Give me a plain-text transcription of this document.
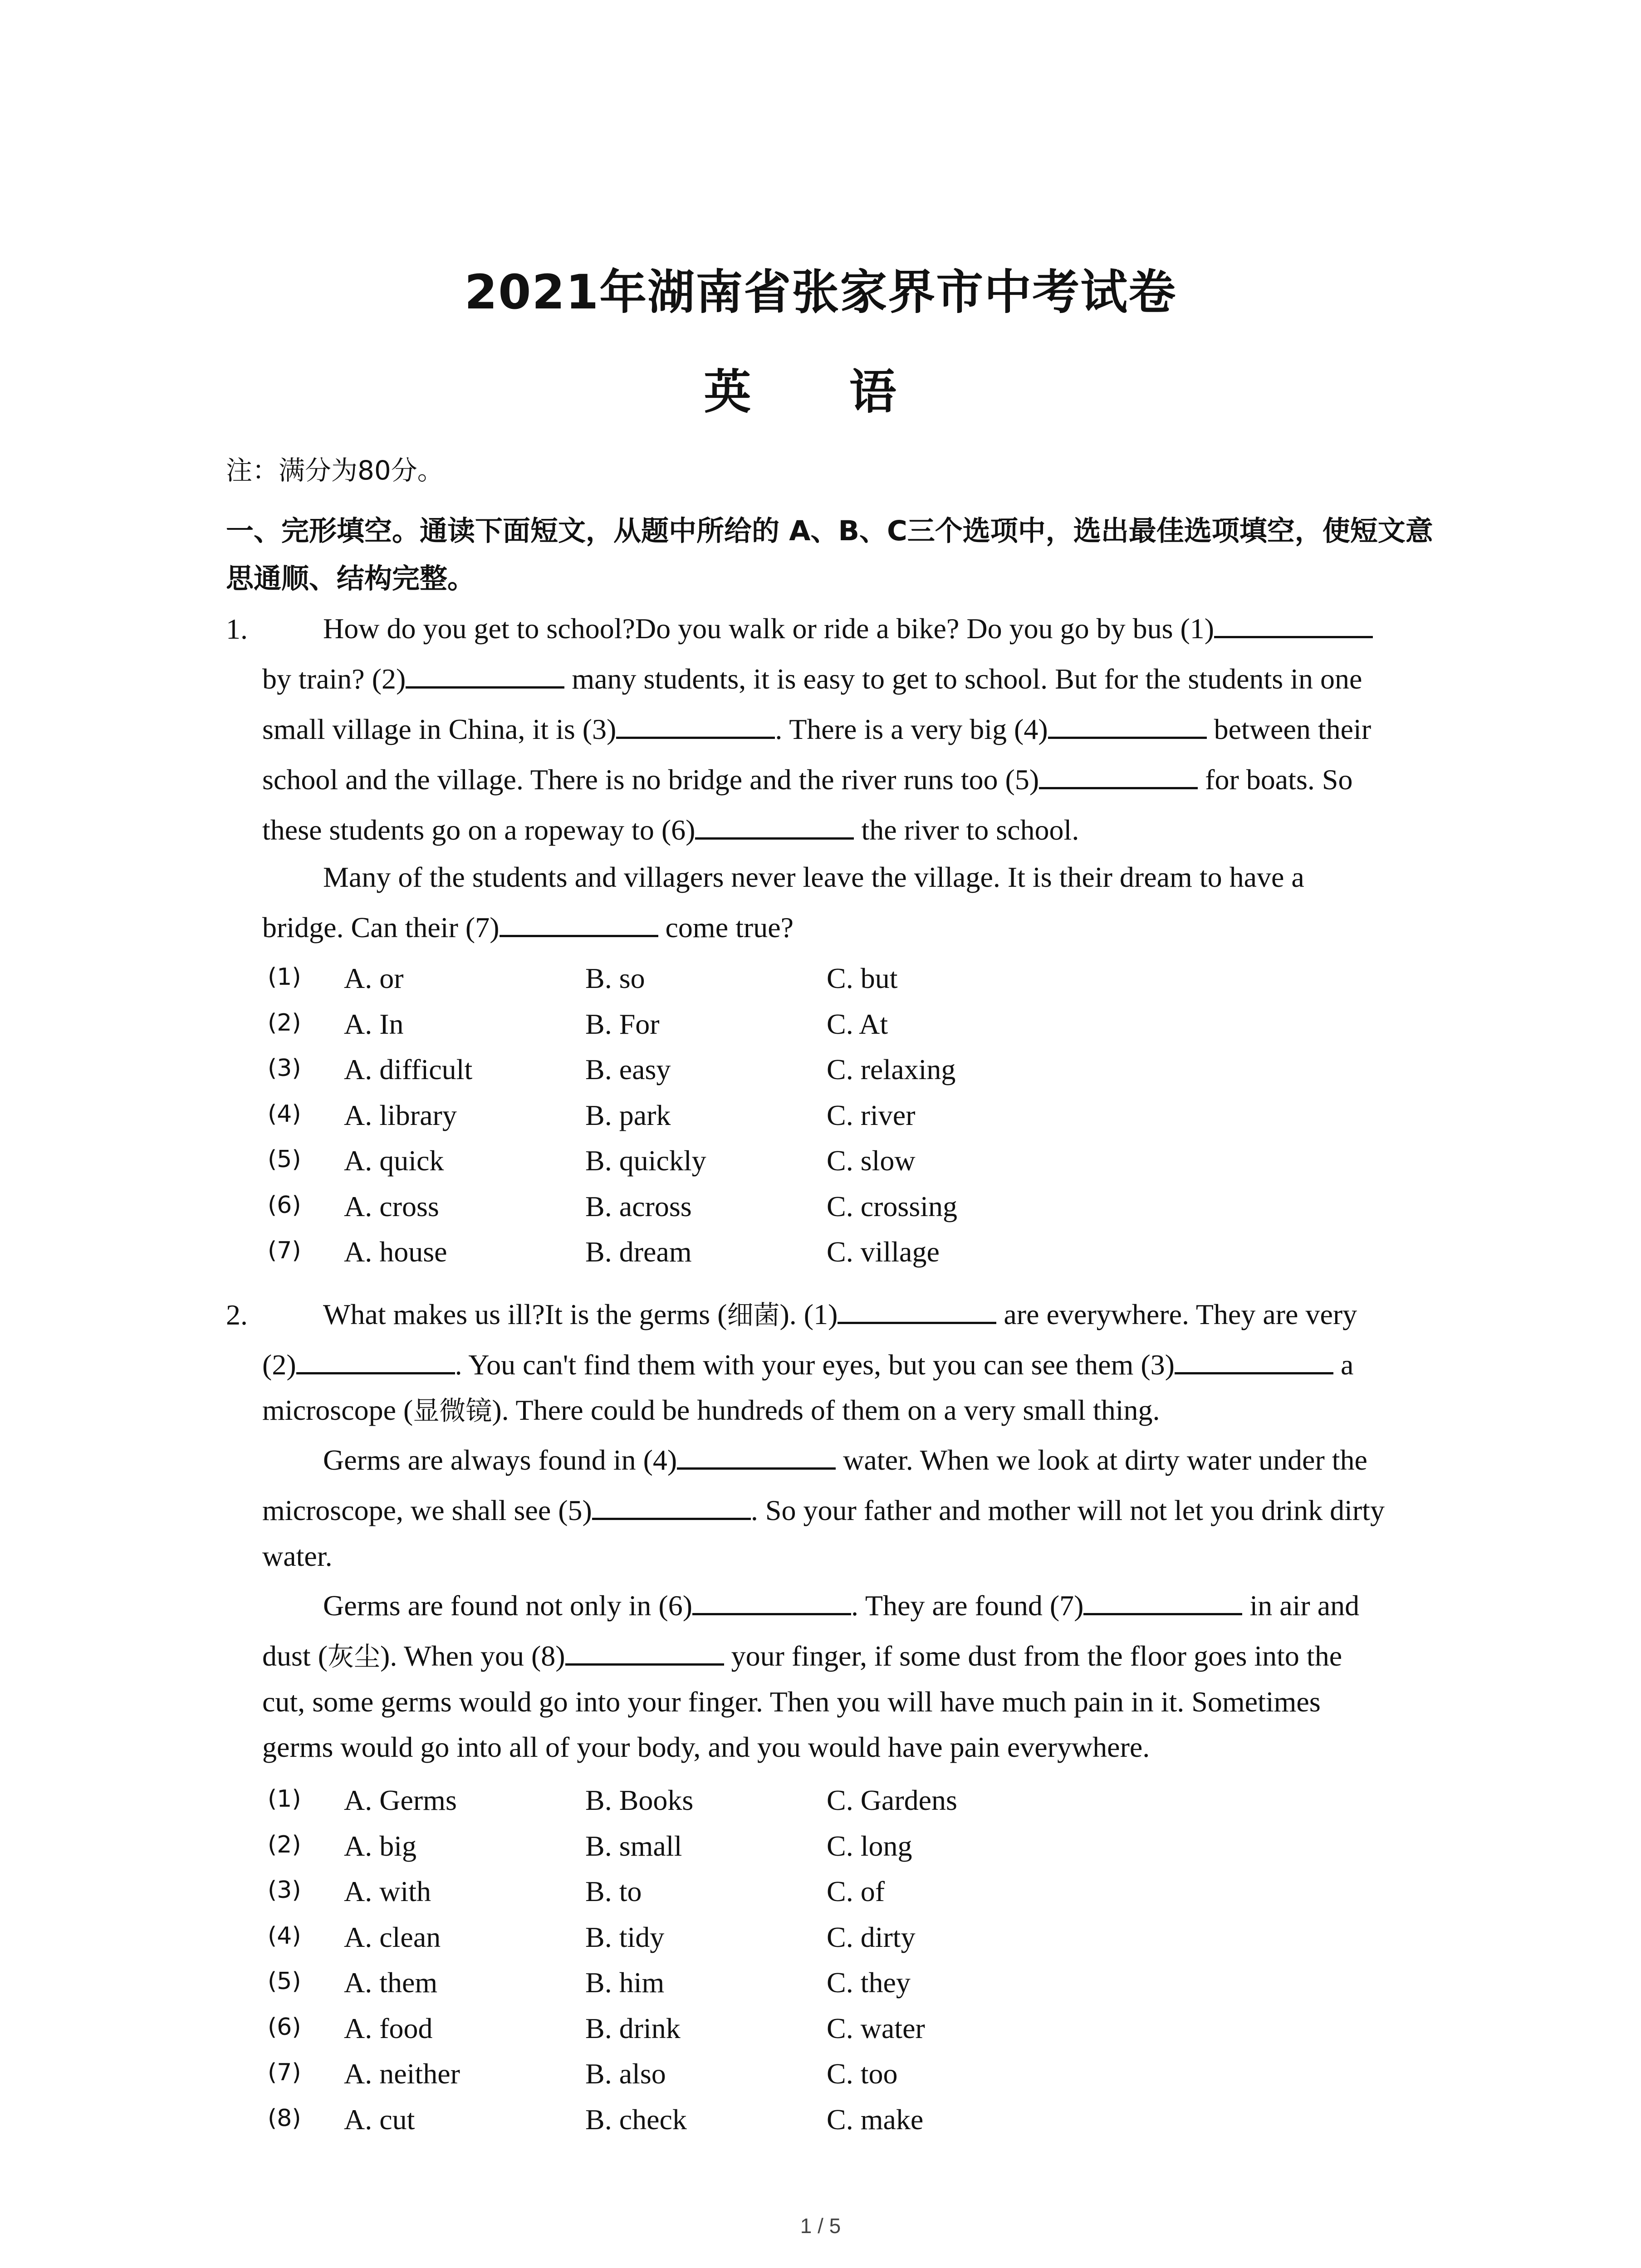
2021年湖南省张家界市中考试卷
英 语
注：满分为80分。
一、完形填空。通读下面短文，从题中所给的 A、B、C三个选项中，选出最佳选项填空，使短文意思通顺、结构完整。
1.	How do you get to school?Do you walk or ride a bike? Do you go by bus (1)
by train? (2)	many students, it is easy to get to school. But for the students in one
small village in China, it is (3)	. There is a very big (4)	between their
school and the village. There is no bridge and the river runs too (5)	for boats. So
these students go on a ropeway to (6)	the river to school.
Many of the students and villagers never leave the village. It is their dream to have a
bridge. Can their (7)	come true?
(1) A. or	B. so	C. but
(2) A. In	B. For	C. At
(3) A. difficult	B. easy	C. relaxing
(4) A. library	B. park	C. river
(5) A. quick	B. quickly	C. slow
(6) A. cross	B. across	C. crossing
(7) A. house	B. dream	C. village
2.	What makes us ill?It is the germs (细菌). (1)	are everywhere. They are very
(2)	. You can't find them with your eyes, but you can see them (3)	a
microscope (显微镜). There could be hundreds of them on a very small thing.
Germs are always found in (4)	water. When we look at dirty water under the
microscope, we shall see (5)	. So your father and mother will not let you drink dirty
water.
Germs are found not only in (6)	. They are found (7)	in air and
dust (灰尘). When you (8)	your finger, if some dust from the floor goes into the
cut, some germs would go into your finger. Then you will have much pain in it. Sometimes
germs would go into all of your body, and you would have pain everywhere.
(1) A. Germs	B. Books	C. Gardens
(2) A. big	B. small	C. long
(3) A. with	B. to	C. of
(4) A. clean	B. tidy	C. dirty
(5) A. them	B. him	C. they
(6) A. food	B. drink	C. water
(7) A. neither	B. also	C. too
(8) A. cut	B. check	C. make
1 / 5
